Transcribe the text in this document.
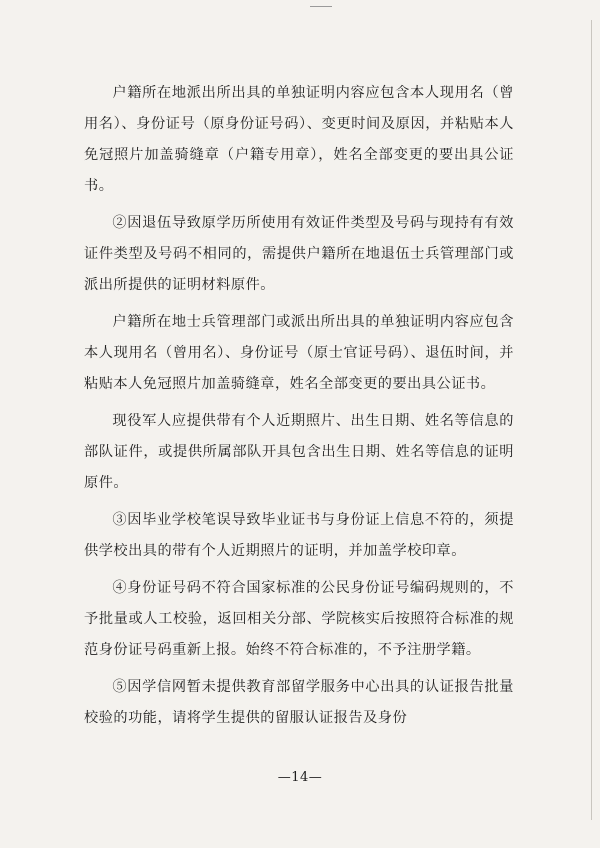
户籍所在地派出所出具的单独证明内容应包含本人现用名（曾用名）、身份证号（原身份证号码）、变更时间及原因，并粘贴本人免冠照片加盖骑缝章（户籍专用章），姓名全部变更的要出具公证书。

②因退伍导致原学历所使用有效证件类型及号码与现持有有效证件类型及号码不相同的，需提供户籍所在地退伍士兵管理部门或派出所提供的证明材料原件。

户籍所在地士兵管理部门或派出所出具的单独证明内容应包含本人现用名（曾用名）、身份证号（原士官证号码）、退伍时间，并粘贴本人免冠照片加盖骑缝章，姓名全部变更的要出具公证书。

现役军人应提供带有个人近期照片、出生日期、姓名等信息的部队证件，或提供所属部队开具包含出生日期、姓名等信息的证明原件。

③因毕业学校笔误导致毕业证书与身份证上信息不符的，须提供学校出具的带有个人近期照片的证明，并加盖学校印章。

④身份证号码不符合国家标准的公民身份证号编码规则的，不予批量或人工校验，返回相关分部、学院核实后按照符合标准的规范身份证号码重新上报。始终不符合标准的，不予注册学籍。

⑤因学信网暂未提供教育部留学服务中心出具的认证报告批量校验的功能，请将学生提供的留服认证报告及身份

—14—
